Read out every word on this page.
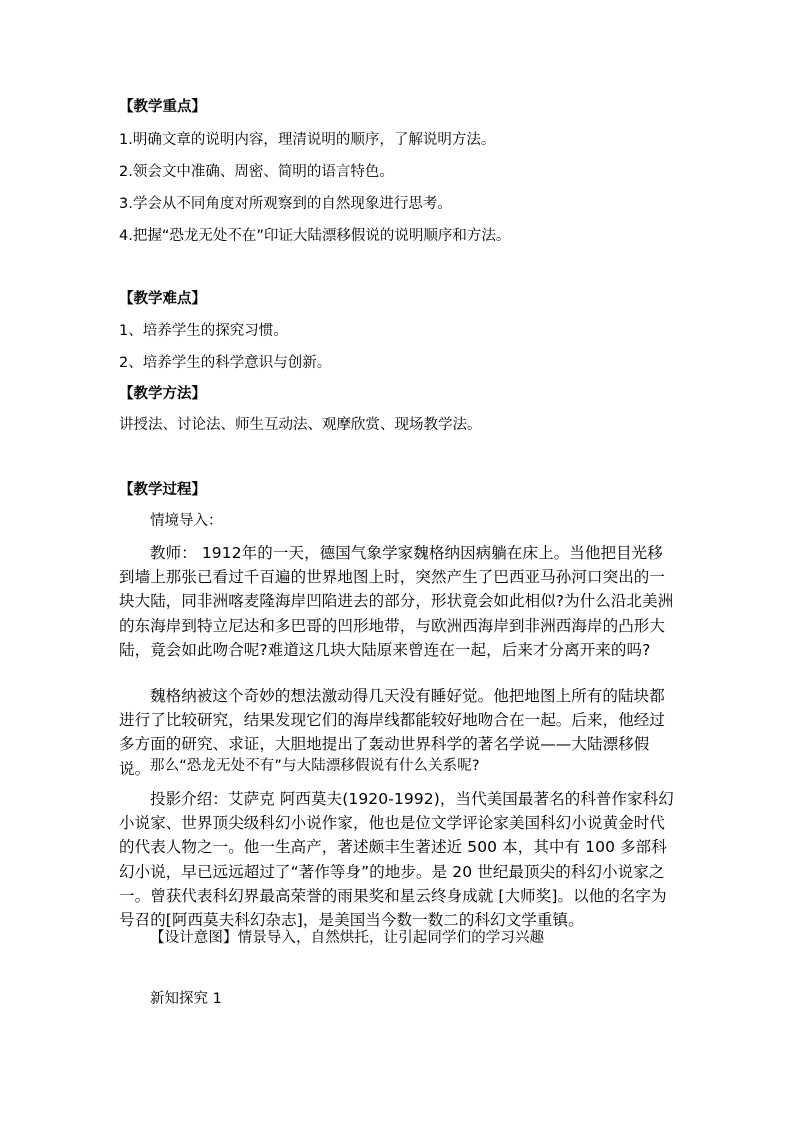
【教学重点】
1.明确文章的说明内容，理清说明的顺序，了解说明方法。
2.领会文中准确、周密、简明的语言特色。
3.学会从不同角度对所观察到的自然现象进行思考。
4.把握“恐龙无处不在”印证大陆漂移假说的说明顺序和方法。
【教学难点】
1、培养学生的探究习惯。
2、培养学生的科学意识与创新。
【教学方法】
讲授法、讨论法、师生互动法、观摩欣赏、现场教学法。
【教学过程】
情境导入：
教师： 1912年的一天，德国气象学家魏格纳因病躺在床上。当他把目光移到墙上那张已看过千百遍的世界地图上时，突然产生了巴西亚马孙河口突出的一块大陆，同非洲喀麦隆海岸凹陷进去的部分，形状竟会如此相似?为什么沿北美洲的东海岸到特立尼达和多巴哥的凹形地带，与欧洲西海岸到非洲西海岸的凸形大陆，竟会如此吻合呢?难道这几块大陆原来曾连在一起，后来才分离开来的吗?
魏格纳被这个奇妙的想法激动得几天没有睡好觉。他把地图上所有的陆块都进行了比较研究，结果发现它们的海岸线都能较好地吻合在一起。后来，他经过多方面的研究、求证，大胆地提出了轰动世界科学的著名学说——大陆漂移假说。 那么“恐龙无处不有”与大陆漂移假说有什么关系呢?
投影介绍：艾萨克 阿西莫夫(1920-1992)，当代美国最著名的科普作家科幻小说家、世界顶尖级科幻小说作家，他也是位文学评论家美国科幻小说黄金时代的代表人物之一。他一生高产，著述颇丰生著述近 500 本，其中有 100 多部科幻小说，早已远远超过了“著作等身”的地步。是 20 世纪最顶尖的科幻小说家之一。曾获代表科幻界最高荣誉的雨果奖和星云终身成就 [大师奖]。以他的名字为号召的[阿西莫夫科幻杂志]，是美国当今数一数二的科幻文学重镇。
【设计意图】情景导入，自然烘托，让引起同学们的学习兴趣
新知探究 1
